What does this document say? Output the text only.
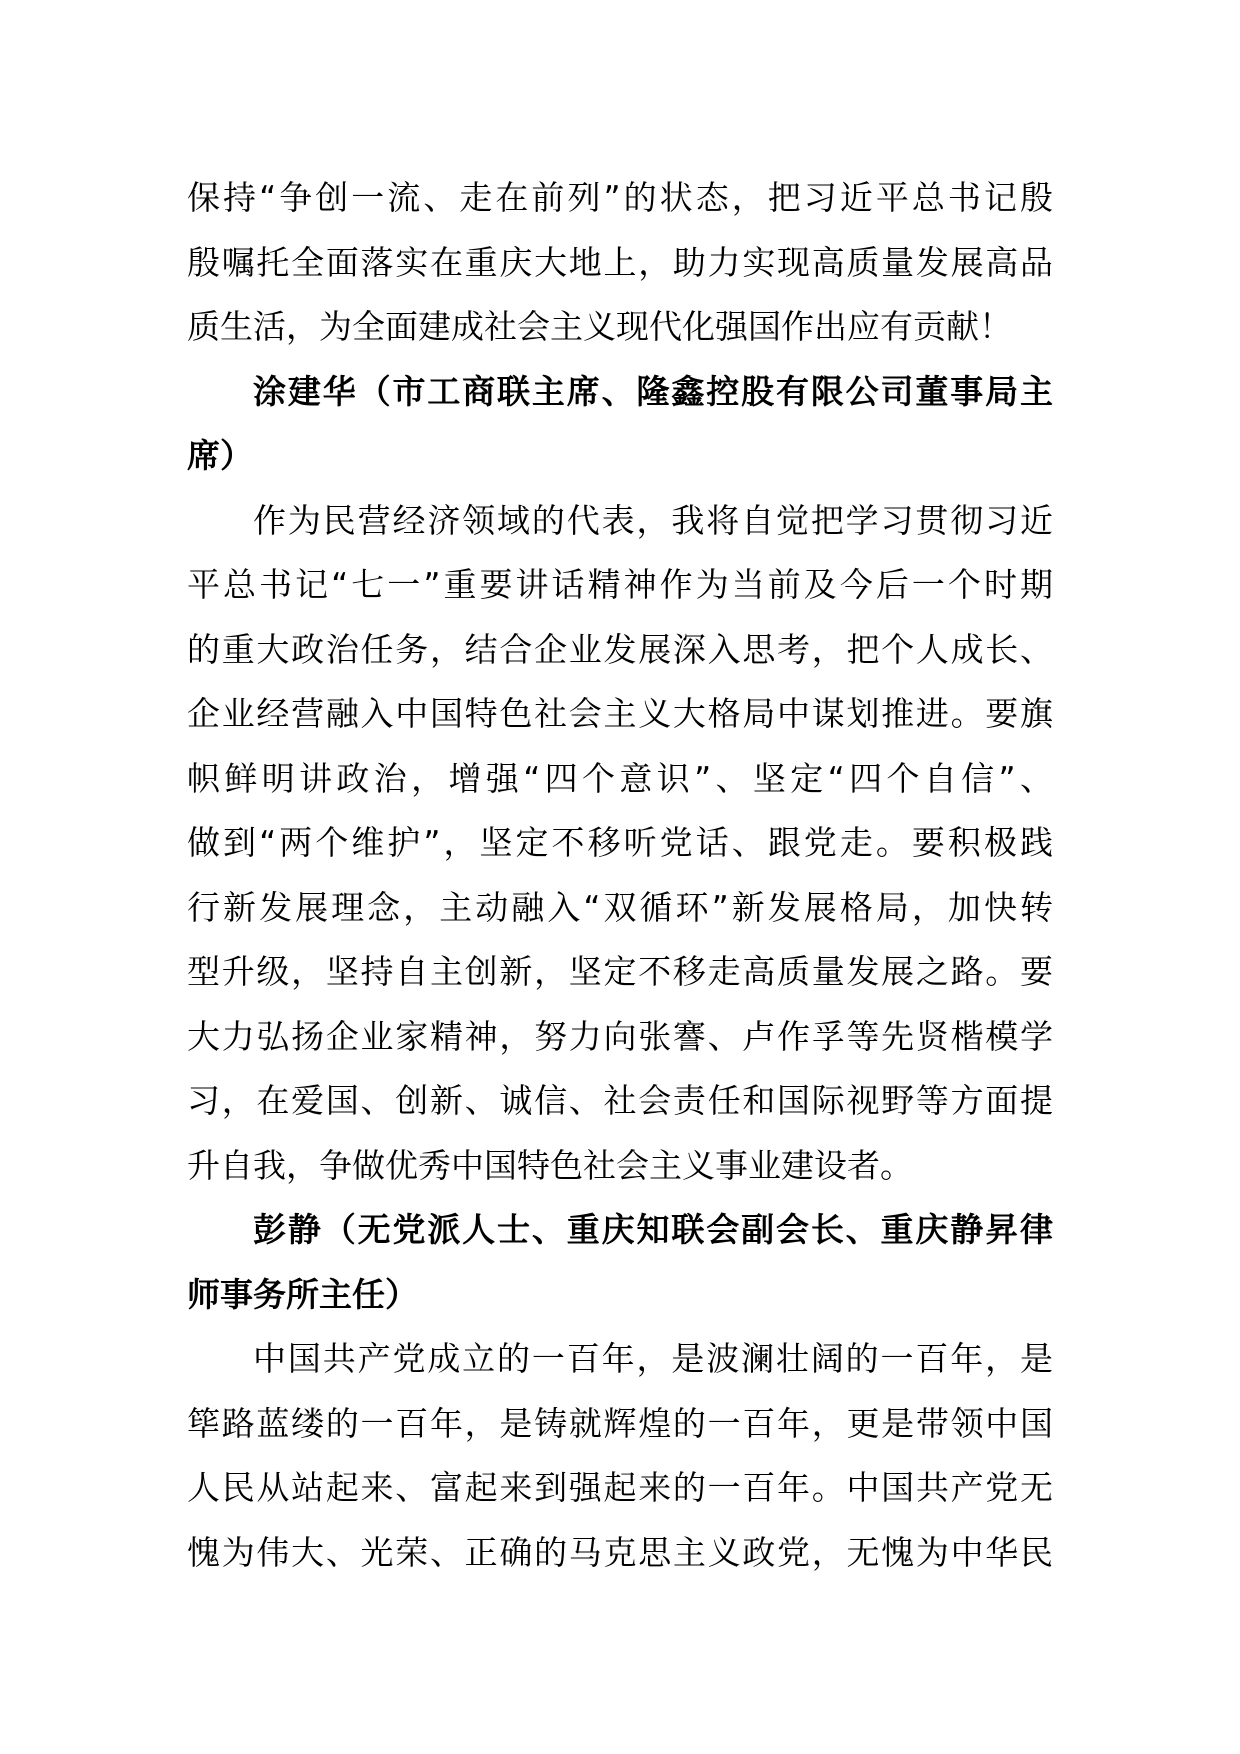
保持“争创一流、走在前列”的状态，把习近平总书记殷
殷嘱托全面落实在重庆大地上，助力实现高质量发展高品

质生活，为全面建成社会主义现代化强国作出应有贡献！

涂建华（市工商联主席、隆鑫控股有限公司董事局主

席）

作为民营经济领域的代表，我将自觉把学习贯彻习近

平总书记“七一”重要讲话精神作为当前及今后一个时期
的重大政治任务，结合企业发展深入思考，把个人成长、
企业经营融入中国特色社会主义大格局中谋划推进。要旗
帜鲜明讲政治，增强“四个意识”、坚定“四个自信”、
做到“两个维护”，坚定不移听党话、跟党走。要积极践
行新发展理念，主动融入“双循环”新发展格局，加快转
型升级，坚持自主创新，坚定不移走高质量发展之路。要
大力弘扬企业家精神，努力向张謇、卢作孚等先贤楷模学
习，在爱国、创新、诚信、社会责任和国际视野等方面提

升自我，争做优秀中国特色社会主义事业建设者。

彭静（无党派人士、重庆知联会副会长、重庆静昇律

师事务所主任）

中国共产党成立的一百年，是波澜壮阔的一百年，是

筚路蓝缕的一百年，是铸就辉煌的一百年，更是带领中国
人民从站起来、富起来到强起来的一百年。中国共产党无
愧为伟大、光荣、正确的马克思主义政党，无愧为中华民
